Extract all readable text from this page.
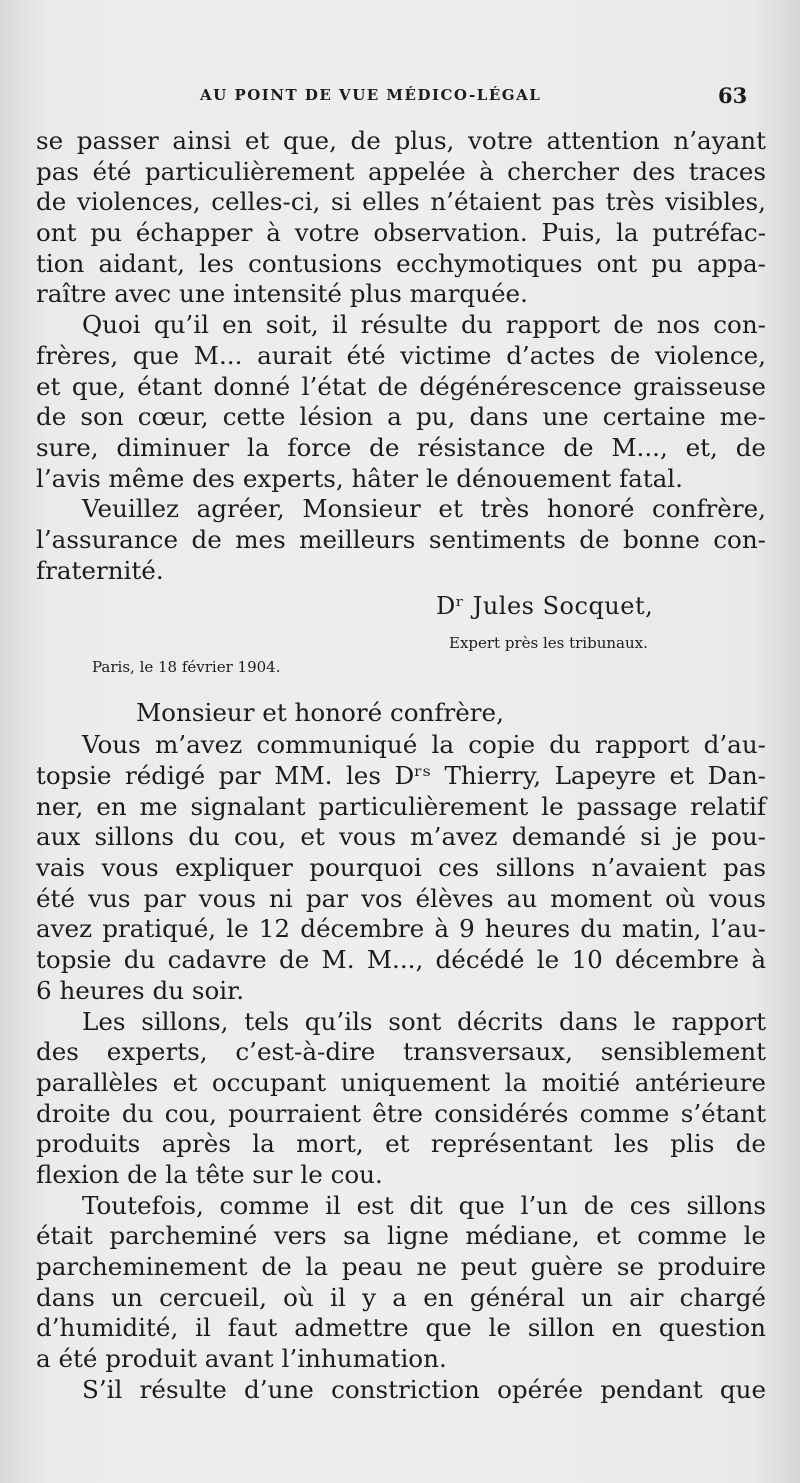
AU POINT DE VUE MÉDICO-LÉGAL	63
se passer ainsi et que, de plus, votre attention n’ayant
pas été particulièrement appelée à chercher des traces
de violences, celles-ci, si elles n’étaient pas très visibles,
ont pu échapper à votre observation. Puis, la putréfac-
tion aidant, les contusions ecchymotiques ont pu appa-
raître avec une intensité plus marquée.
Quoi qu’il en soit, il résulte du rapport de nos con-
frères, que M... aurait été victime d’actes de violence,
et que, étant donné l’état de dégénérescence graisseuse
de son cœur, cette lésion a pu, dans une certaine me-
sure, diminuer la force de résistance de M..., et, de
l’avis même des experts, hâter le dénouement fatal.
Veuillez agréer, Monsieur et très honoré confrère,
l’assurance de mes meilleurs sentiments de bonne con-
fraternité.
Dʳ Jules Socquet,
Expert près les tribunaux.
Paris, le 18 février 1904.
Monsieur et honoré confrère,
Vous m’avez communiqué la copie du rapport d’au-
topsie rédigé par MM. les Dʳˢ Thierry, Lapeyre et Dan-
ner, en me signalant particulièrement le passage relatif
aux sillons du cou, et vous m’avez demandé si je pou-
vais vous expliquer pourquoi ces sillons n’avaient pas
été vus par vous ni par vos élèves au moment où vous
avez pratiqué, le 12 décembre à 9 heures du matin, l’au-
topsie du cadavre de M. M..., décédé le 10 décembre à
6 heures du soir.
Les sillons, tels qu’ils sont décrits dans le rapport
des experts, c’est-à-dire transversaux, sensiblement
parallèles et occupant uniquement la moitié antérieure
droite du cou, pourraient être considérés comme s’étant
produits après la mort, et représentant les plis de
flexion de la tête sur le cou.
Toutefois, comme il est dit que l’un de ces sillons
était parcheminé vers sa ligne médiane, et comme le
parcheminement de la peau ne peut guère se produire
dans un cercueil, où il y a en général un air chargé
d’humidité, il faut admettre que le sillon en question
a été produit avant l’inhumation.
S’il résulte d’une constriction opérée pendant que
